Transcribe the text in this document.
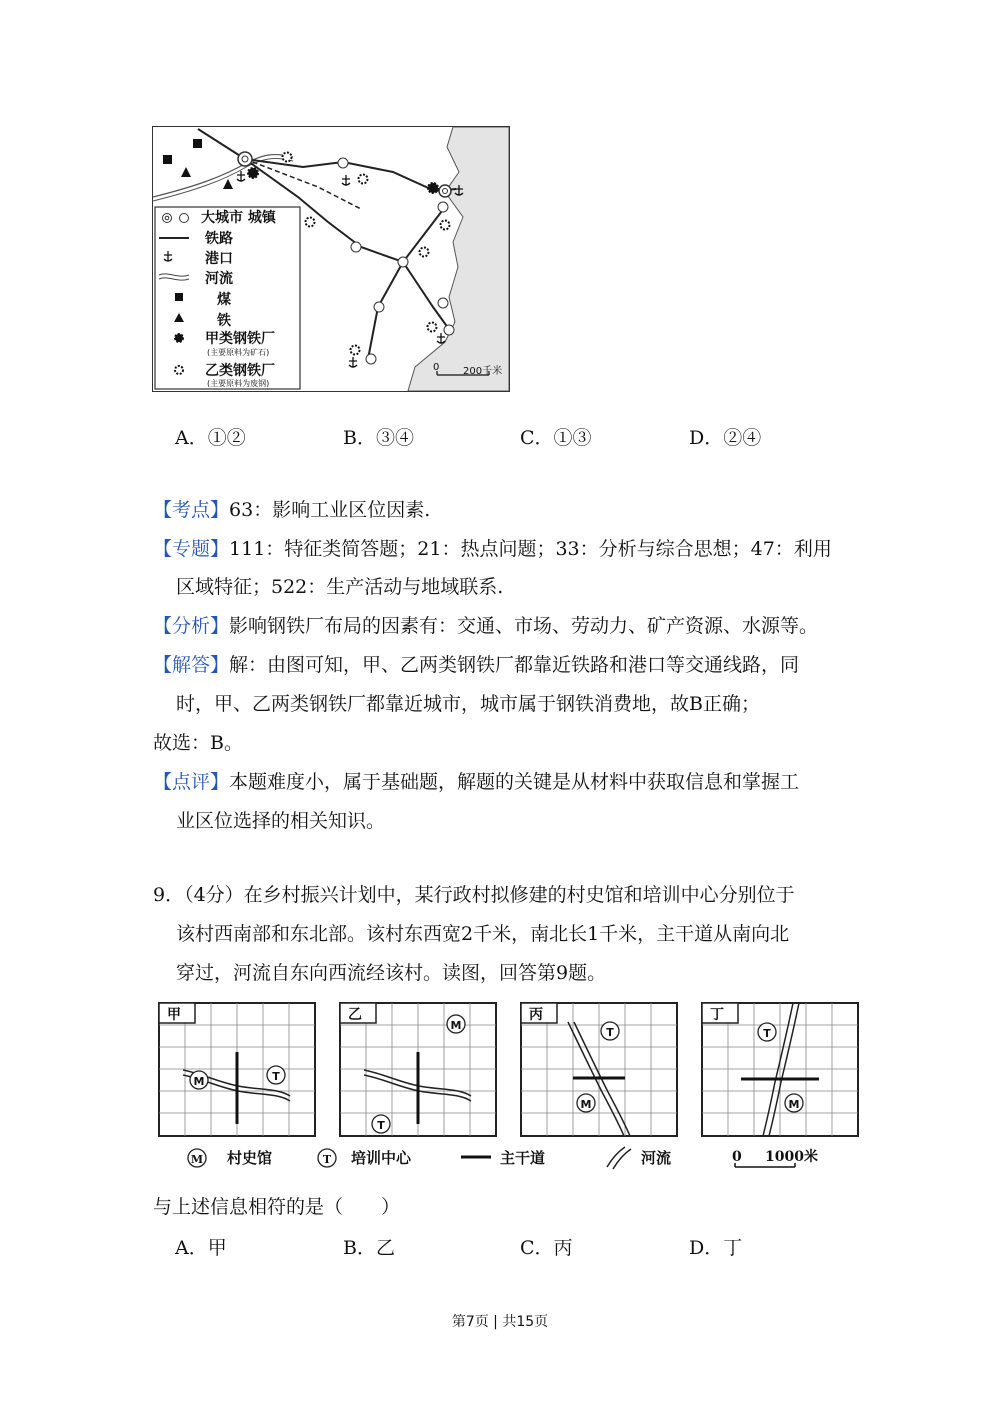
大城市 城镇
铁路
港口
河流
煤
铁
甲类钢铁厂
(主要原料为矿石)
乙类钢铁厂
(主要原料为废钢)
0 200千米
A．①②	B．③④	C．①③	D．②④
【考点】63：影响工业区位因素.
【专题】111：特征类简答题；21：热点问题；33：分析与综合思想；47：利用
区域特征；522：生产活动与地域联系.
【分析】影响钢铁厂布局的因素有：交通、市场、劳动力、矿产资源、水源等。
【解答】解：由图可知，甲、乙两类钢铁厂都靠近铁路和港口等交通线路，同
时，甲、乙两类钢铁厂都靠近城市，城市属于钢铁消费地，故B正确；
故选：B。
【点评】本题难度小，属于基础题，解题的关键是从材料中获取信息和掌握工
业区位选择的相关知识。
9．（4分）在乡村振兴计划中，某行政村拟修建的村史馆和培训中心分别位于
该村西南部和东北部。该村东西宽2千米，南北长1千米，主干道从南向北
穿过，河流自东向西流经该村。读图，回答第9题。
甲
M	T
乙
M
T
丙
T
M
丁
T
M
M 村史馆	T 培训中心	主干道	河流	0 1000米
与上述信息相符的是（　　）
A．甲	B．乙	C．丙	D．丁
第7页 | 共15页
